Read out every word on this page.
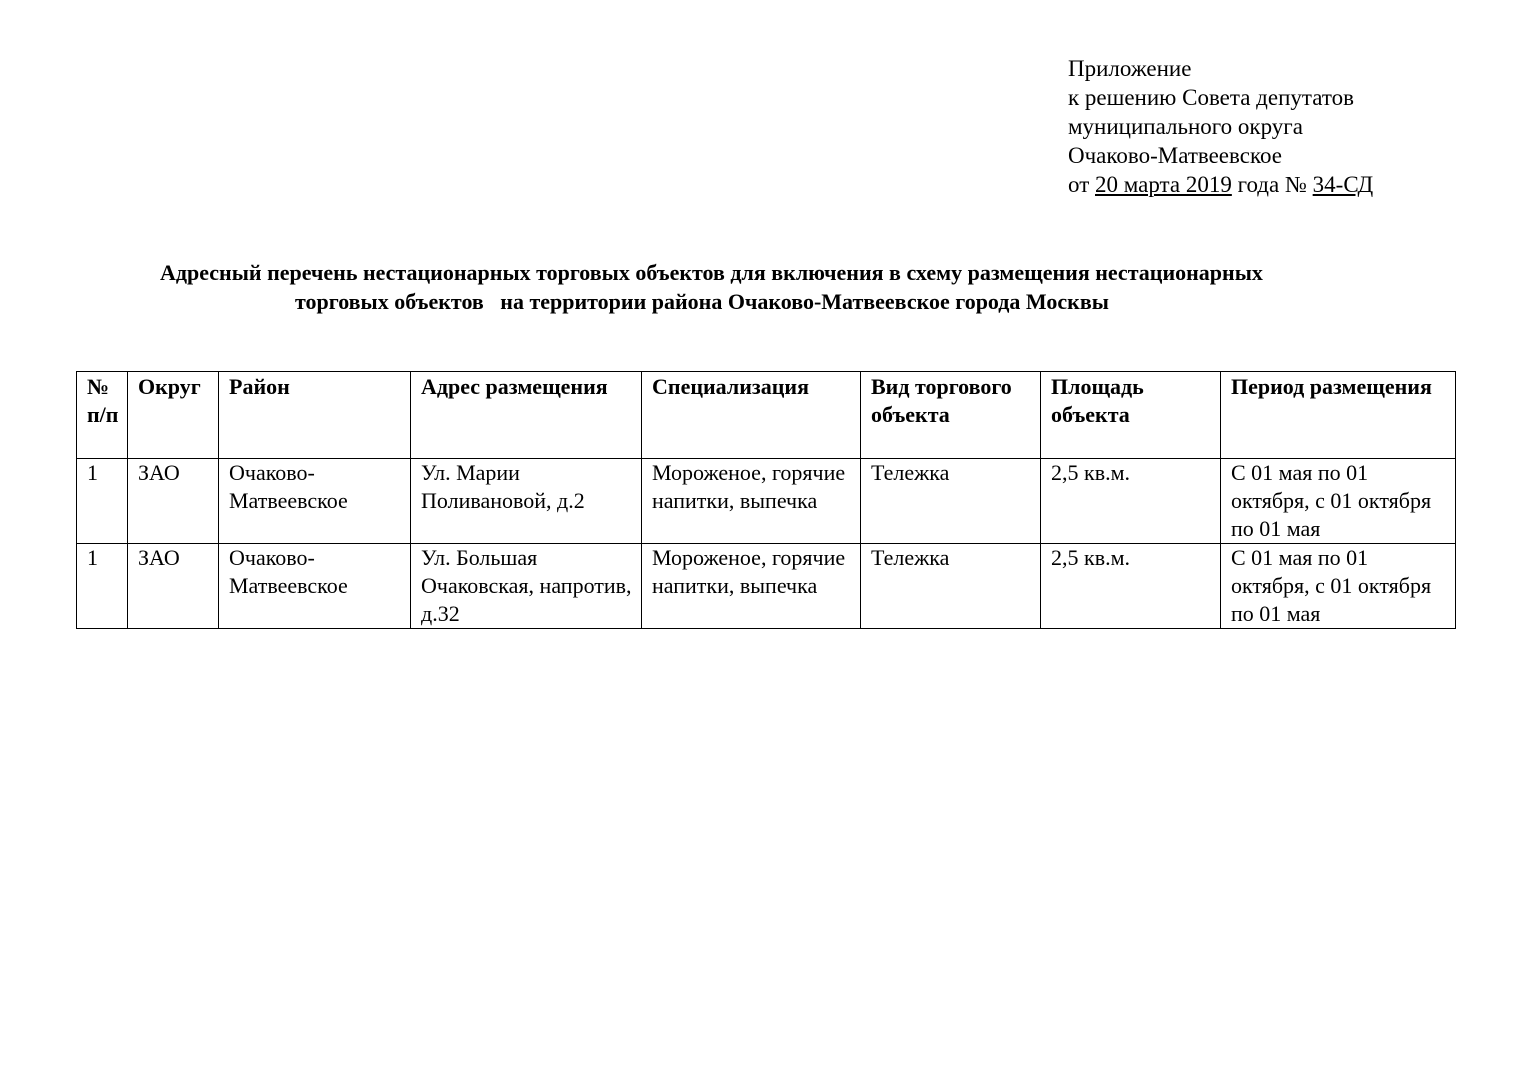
Приложение
к решению Совета депутатов
муниципального округа
Очаково-Матвеевское
от 20 марта 2019 года № 34-СД
Адресный перечень нестационарных торговых объектов для включения в схему размещения нестационарных
торговых объектов   на территории района Очаково-Матвеевское города Москвы
№ п/п	Округ	Район	Адрес размещения	Специализация	Вид торгового объекта	Площадь объекта	Период размещения
1	ЗАО	Очаково-Матвеевское	Ул. Марии Поливановой, д.2	Мороженое, горячие напитки, выпечка	Тележка	2,5 кв.м.	С 01 мая по 01 октября, с 01 октября по 01 мая
1	ЗАО	Очаково-Матвеевское	Ул. Большая Очаковская, напротив, д.32	Мороженое, горячие напитки, выпечка	Тележка	2,5 кв.м.	С 01 мая по 01 октября, с 01 октября по 01 мая
